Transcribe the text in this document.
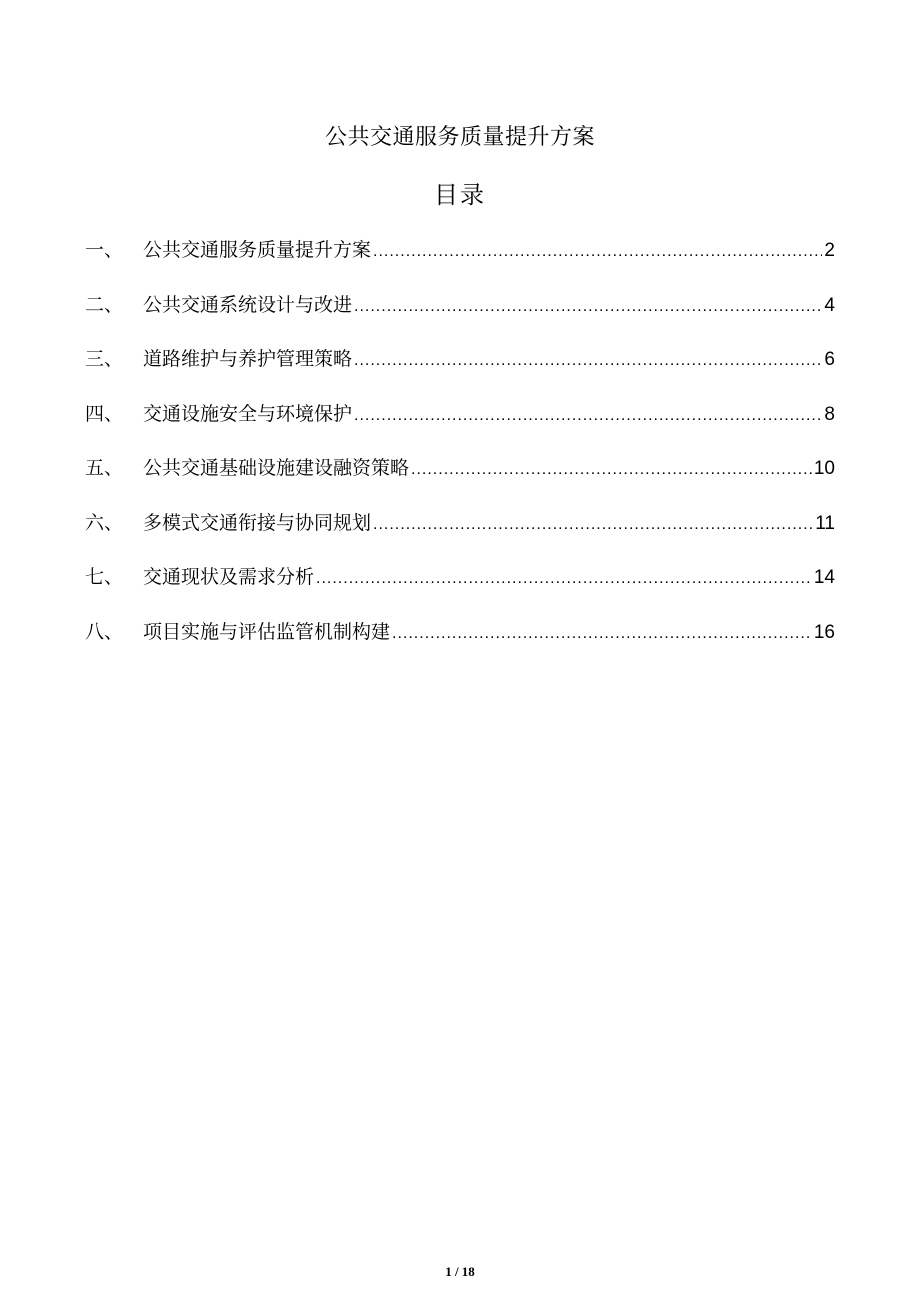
公共交通服务质量提升方案
目录
一、	公共交通服务质量提升方案 .....	2
二、	公共交通系统设计与改进 .....	4
三、	道路维护与养护管理策略 .....	6
四、	交通设施安全与环境保护 .....	8
五、	公共交通基础设施建设融资策略 .....	10
六、	多模式交通衔接与协同规划 .....	11
七、	交通现状及需求分析 .....	14
八、	项目实施与评估监管机制构建 .....	16
1 / 18
